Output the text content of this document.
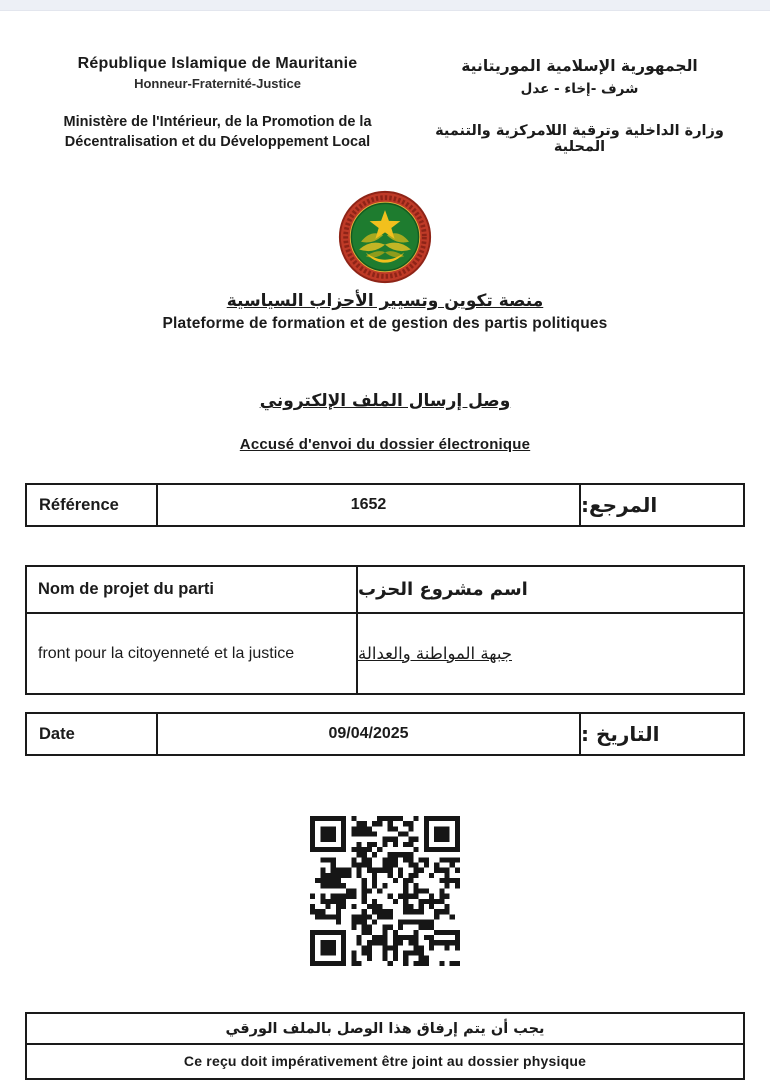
République Islamique de Mauritanie
Honneur-Fraternité-Justice
Ministère de l'Intérieur, de la Promotion de la Décentralisation et du Développement Local
الجمهورية الإسلامية الموريتانية
شرف -إخاء - عدل
وزارة الداخلية وترقية اللامركزية والتنمية المحلية
منصة تكوين وتسيير الأحزاب السياسية
Plateforme de formation et de gestion des partis politiques
وصل إرسال الملف الإلكتروني
Accusé d'envoi du dossier électronique
Référence	1652	المرجع:
Nom de projet du parti	اسم مشروع الحزب
front pour la citoyenneté et la justice	جبهة المواطنة والعدالة
Date	09/04/2025	التاريخ :
يجب أن يتم إرفاق هذا الوصل بالملف الورقي
Ce reçu doit impérativement être joint au dossier physique
